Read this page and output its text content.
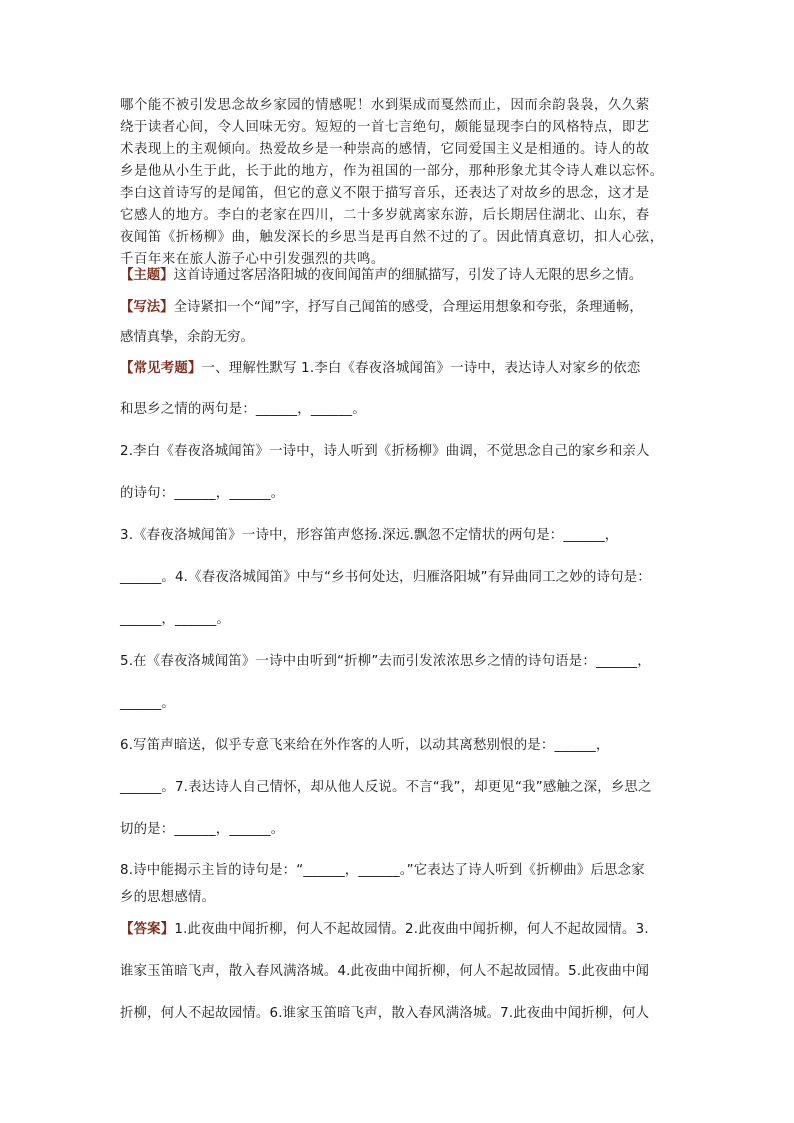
哪个能不被引发思念故乡家园的情感呢！水到渠成而戛然而止，因而余韵袅袅，久久萦
绕于读者心间，令人回味无穷。短短的一首七言绝句，颇能显现李白的风格特点，即艺
术表现上的主观倾向。热爱故乡是一种崇高的感情，它同爱国主义是相通的。诗人的故
乡是他从小生于此，长于此的地方，作为祖国的一部分，那种形象尤其令诗人难以忘怀。
李白这首诗写的是闻笛，但它的意义不限于描写音乐，还表达了对故乡的思念，这才是
它感人的地方。李白的老家在四川，二十多岁就离家东游，后长期居住湖北、山东，春
夜闻笛《折杨柳》曲，触发深长的乡思当是再自然不过的了。因此情真意切，扣人心弦，
千百年来在旅人游子心中引发强烈的共鸣。
【主题】这首诗通过客居洛阳城的夜间闻笛声的细腻描写，引发了诗人无限的思乡之情。
【写法】全诗紧扣一个“闻”字，抒写自己闻笛的感受，合理运用想象和夸张，条理通畅，
感情真挚，余韵无穷。
【常见考题】一、理解性默写 1.李白《春夜洛城闻笛》一诗中，表达诗人对家乡的依恋
和思乡之情的两句是：______，______。
2.李白《春夜洛城闻笛》一诗中，诗人听到《折杨柳》曲调，不觉思念自己的家乡和亲人
的诗句：______，______。
3.《春夜洛城闻笛》一诗中，形容笛声悠扬.深远.飘忽不定情状的两句是：______，
______。4.《春夜洛城闻笛》中与“乡书何处达，归雁洛阳城”有异曲同工之妙的诗句是：
______，______。
5.在《春夜洛城闻笛》一诗中由听到“折柳”去而引发浓浓思乡之情的诗句语是：______，
______。
6.写笛声暗送，似乎专意飞来给在外作客的人听，以动其离愁别恨的是：______，
______。7.表达诗人自己情怀，却从他人反说。不言“我”，却更见“我”感触之深，乡思之
切的是：______，______。
8.诗中能揭示主旨的诗句是：“______，______。”它表达了诗人听到《折柳曲》后思念家
乡的思想感情。
【答案】1.此夜曲中闻折柳，何人不起故园情。2.此夜曲中闻折柳，何人不起故园情。3.
谁家玉笛暗飞声，散入春风满洛城。4.此夜曲中闻折柳，何人不起故园情。5.此夜曲中闻
折柳，何人不起故园情。6.谁家玉笛暗飞声，散入春风满洛城。7.此夜曲中闻折柳，何人
